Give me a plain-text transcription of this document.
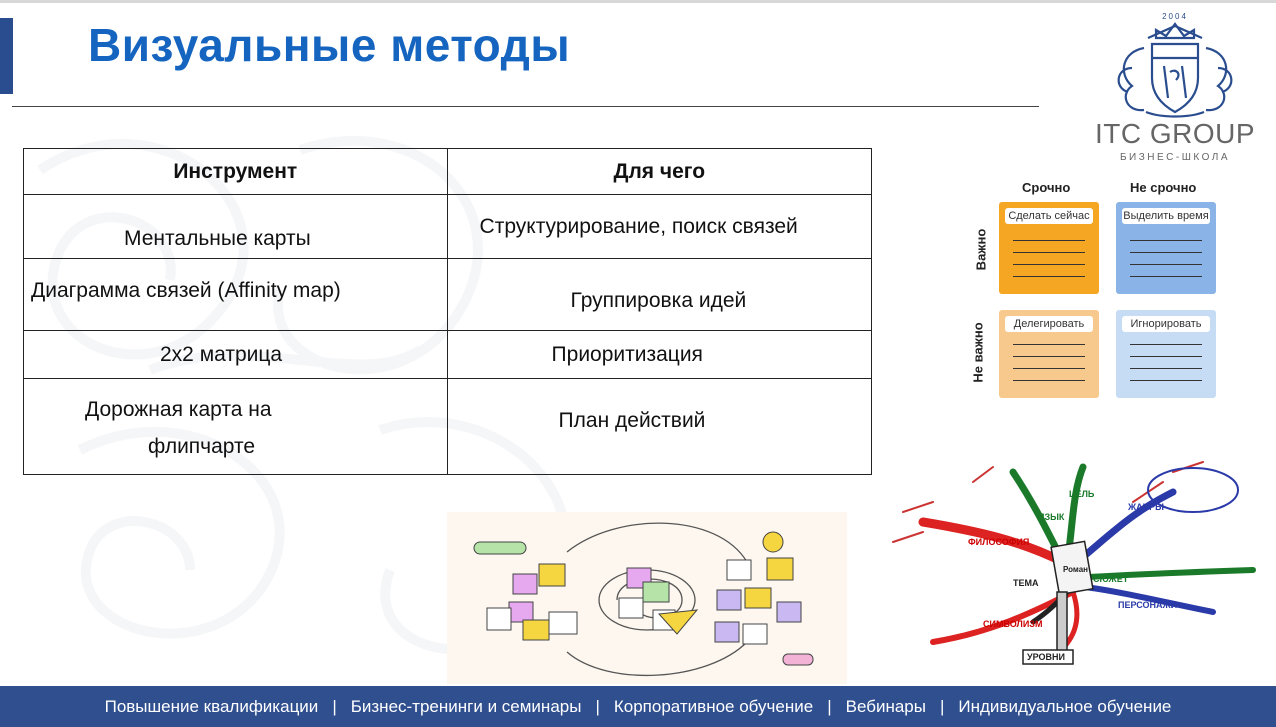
Визуальные методы
2004
ITC GROUP
БИЗНЕС-ШКОЛА
Инструмент	Для чего

Ментальные карты	Структурирование, поиск связей

Диаграмма связей (Affinity map)	Группировка идей

2x2 матрица	Приоритизация

Дорожная карта на
флипчарте	План действий
Срочно	Не срочно
Важно
Не важно
Сделать сейчас	Выделить время
Делегировать	Игнорировать
ФИЛОСОФИЯ
ЯЗЫК
ЦЕЛЬ
ЖАНРЫ
СЮЖЕТ
ПЕРСОНАЖИ
СИМВОЛИЗМ
ТЕМА
УРОВНИ
Роман
Повышение квалификации | Бизнес-тренинги и семинары | Корпоративное обучение | Вебинары | Индивидуальное обучение
